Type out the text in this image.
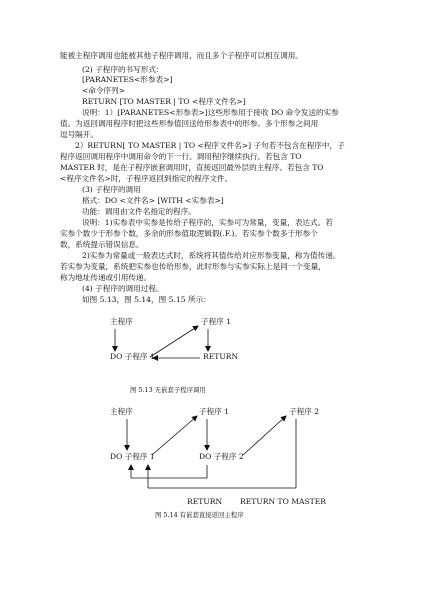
能被主程序调用也能被其他子程序调用，而且多个子程序可以相互调用。
(2) 子程序的书写形式：
[PARANETES<形参表>]
<命令序列>
RETURN [TO MASTER | TO <程序文件名>]
说明：1）[PARANETES<形参表>]这些形参用于接收 DO 命令发送的实参
值。为返回调用程序时把这些形参值回送给形参表中的形参。多个形参之间用
逗号隔开。
2）RETURN[ TO MASTER | TO <程序文件名>] 子句若不包含在程序中，子
程序返回调用程序中调用命令的下一行。调用程序继续执行。若包含 TO
MASTER 时，是在子程序嵌套调用时，直接返回最外层的主程序。若包含 TO
<程序文件名>时，子程序返回到指定的程序文件。
(3) 子程序的调用
格式：DO <文件名> [WITH <实参表>]
功能：调用由文件名指定的程序。
说明：1)实参表中实参是传给子程序的，实参可为常量，变量，表达式。若
实参个数少于形参个数，多余的形参值取逻辑假(.F.)。若实参个数多于形参个
数，系统提示错误信息。
2)实参为常量或一般表达式时，系统将其值传给对应形参变量，称为值传递。
若实参为变量，系统把实参也传给形参，此时形参与实参实际上是同一个变量，
称为地址传递或引用传递。
(4) 子程序的调用过程。
如图 5.13，图 5.14，图 5.15 所示：
主程序	子程序 1
DO 子程序 1	RETURN
图 5.13 无嵌套子程序调用
主程序	子程序 1	子程序 2
DO 子程序 1	DO 子程序 2
RETURN RETURN TO MASTER
图 5.14 有嵌套直接返回主程序
